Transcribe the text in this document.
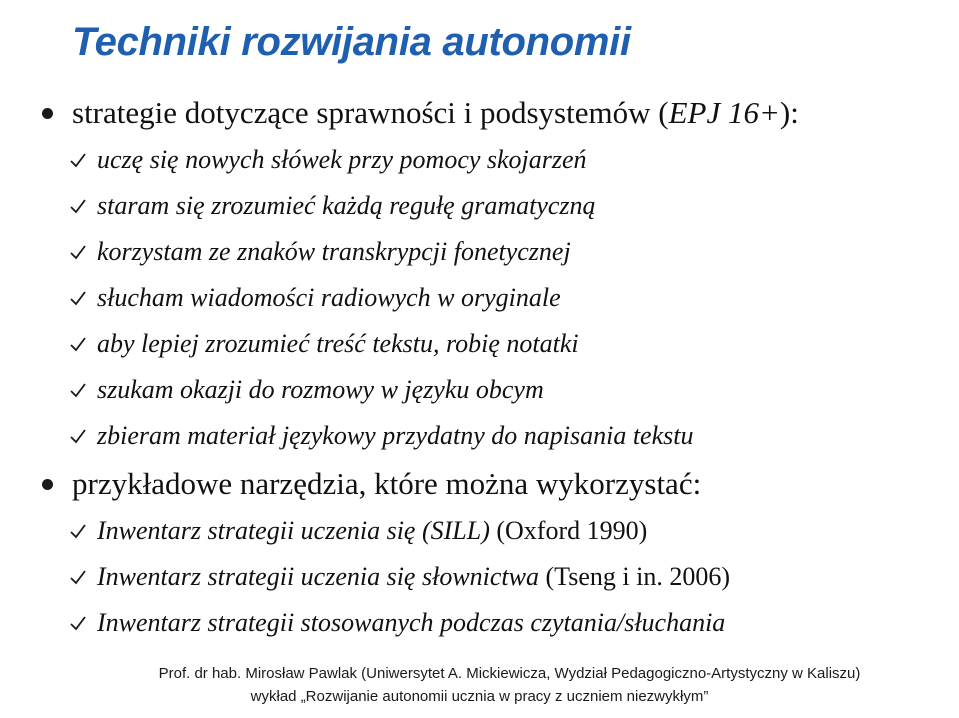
Techniki rozwijania autonomii
strategie dotyczące sprawności i podsystemów (EPJ 16+):
uczę się nowych słówek przy pomocy skojarzeń
staram się zrozumieć każdą regułę gramatyczną
korzystam ze znaków transkrypcji fonetycznej
słucham wiadomości radiowych w oryginale
aby lepiej zrozumieć treść tekstu, robię notatki
szukam okazji do rozmowy w języku obcym
zbieram materiał językowy przydatny do napisania tekstu
przykładowe narzędzia, które można wykorzystać:
Inwentarz strategii uczenia się (SILL) (Oxford 1990)
Inwentarz strategii uczenia się słownictwa (Tseng i in. 2006)
Inwentarz strategii stosowanych podczas czytania/słuchania
Prof. dr hab. Mirosław Pawlak (Uniwersytet A. Mickiewicza, Wydział Pedagogiczno-Artystyczny w Kaliszu)
wykład „Rozwijanie autonomii ucznia w pracy z uczniem niezwykłym”
